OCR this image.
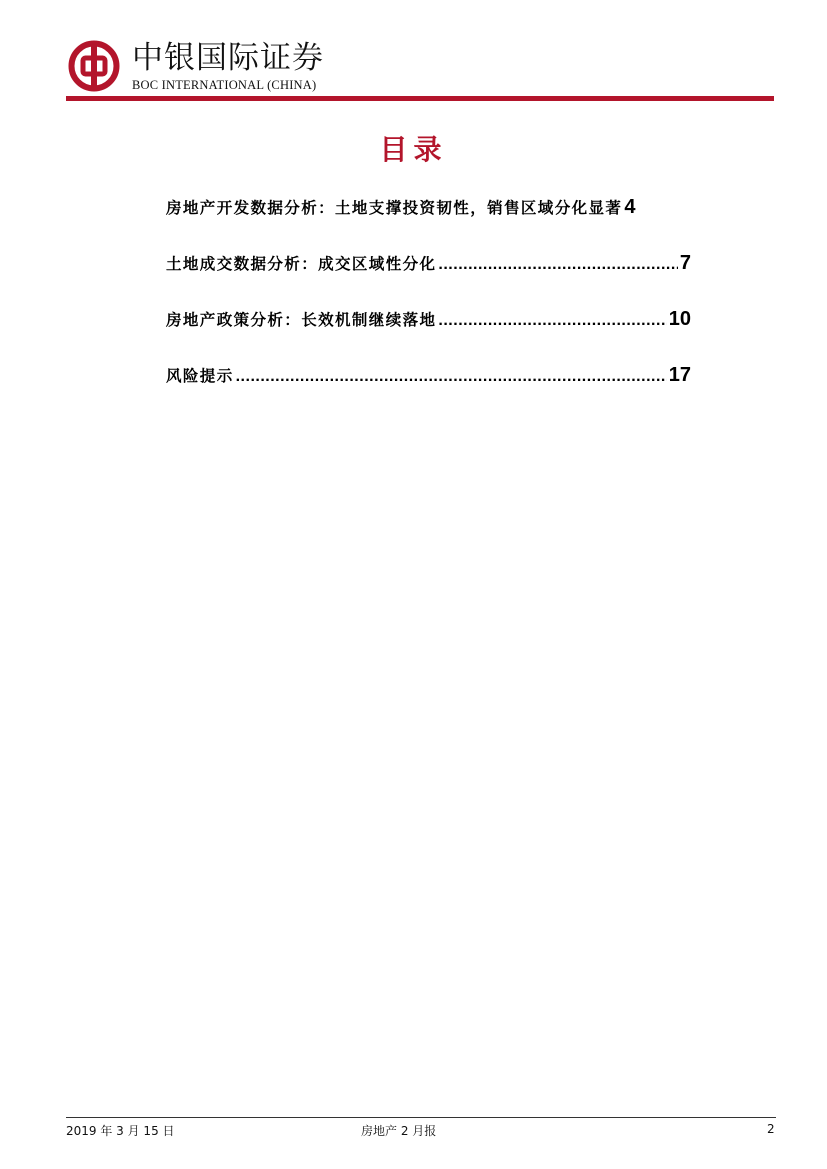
中银国际证券
BOC INTERNATIONAL (CHINA)
目录
房地产开发数据分析：土地支撑投资韧性，销售区域分化显著 4
土地成交数据分析：成交区域性分化 .....	7
房地产政策分析：长效机制继续落地 .....	10
风险提示 .....	17
2019 年 3 月 15 日	房地产 2 月报	2
